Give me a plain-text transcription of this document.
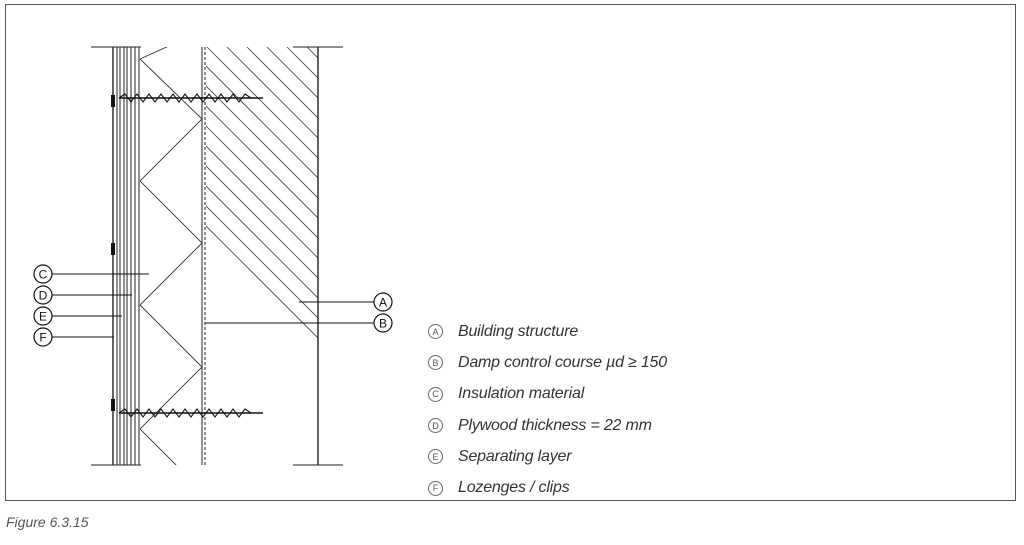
C
D
E
F
A
B
A Building structure
B Damp control course µd ≥ 150
C Insulation material
D Plywood thickness = 22 mm
E Separating layer
F Lozenges / clips
Figure 6.3.15
